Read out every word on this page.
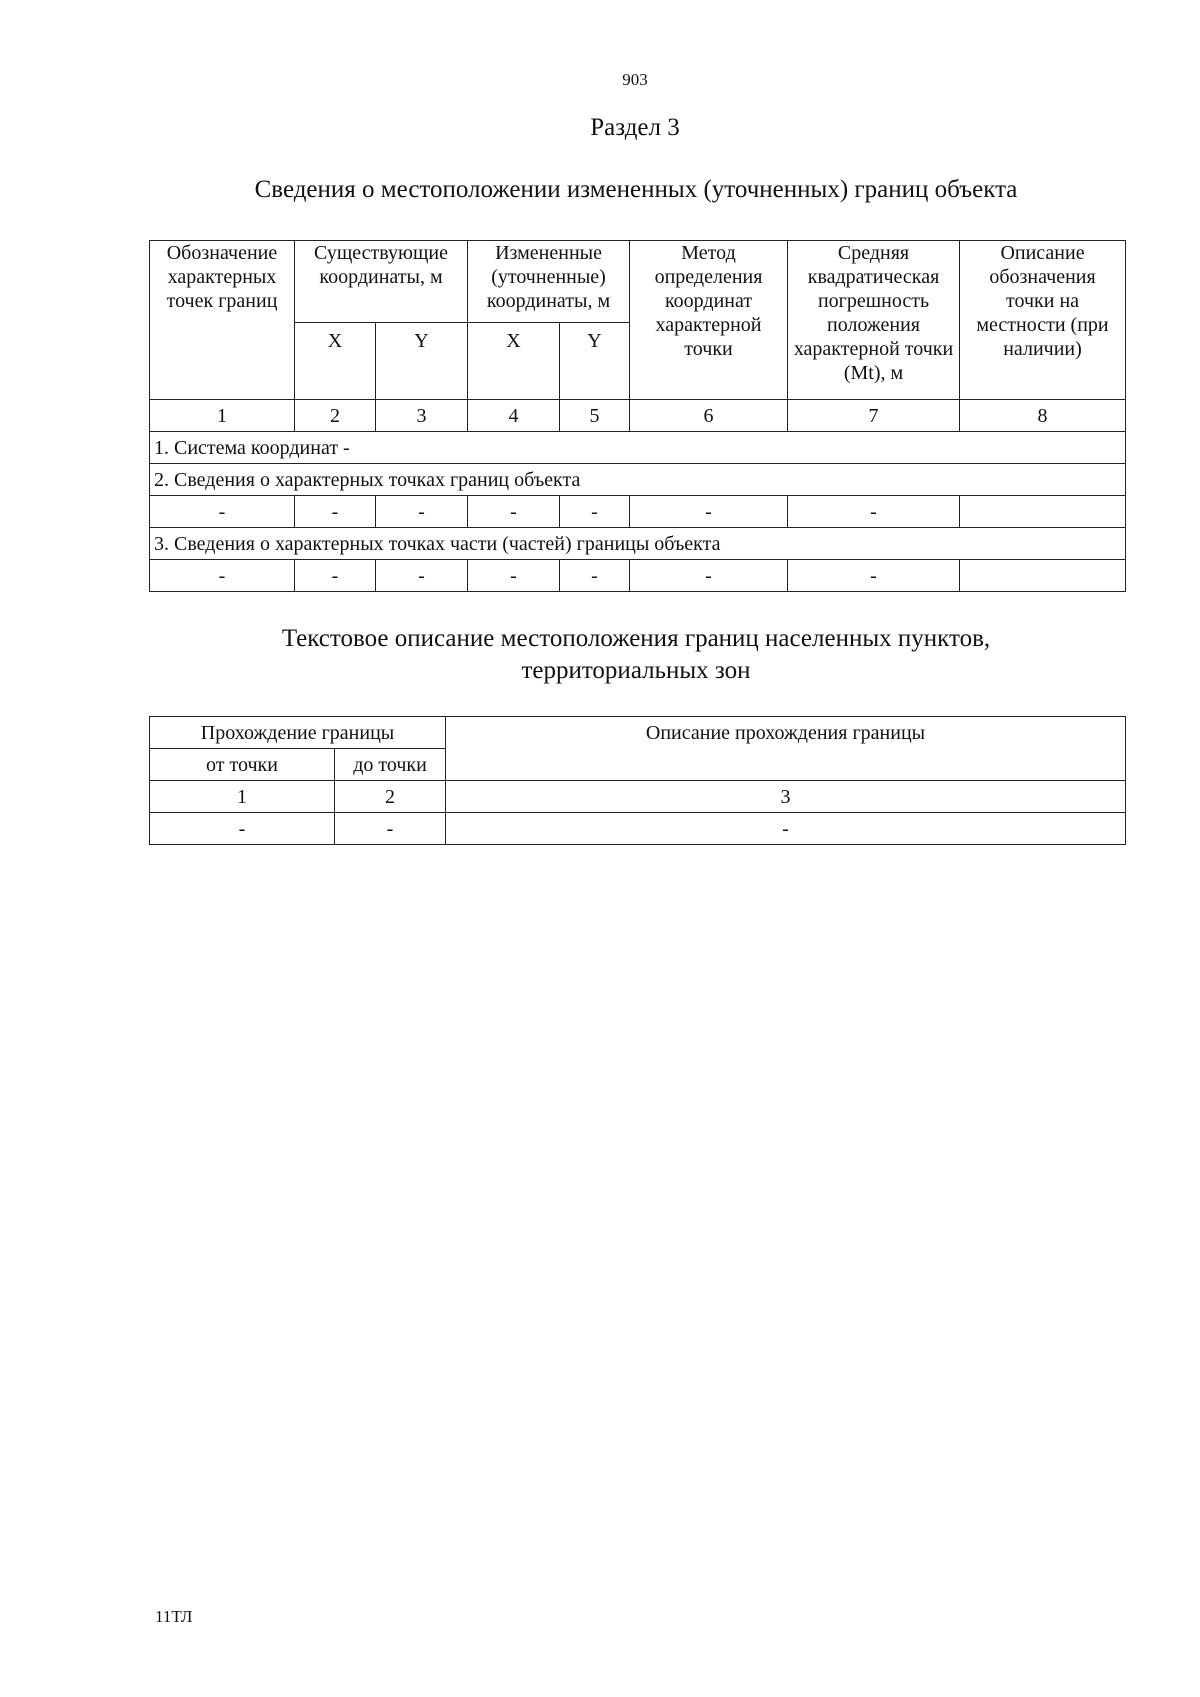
903
Раздел 3
Сведения о местоположении измененных (уточненных) границ объекта
Обозначение характерных точек границ	Существующие координаты, м		Измененные (уточненные) координаты, м		Метод определения координат характерной точки	Средняя квадратическая погрешность положения характерной точки (Mt), м	Описание обозначения точки на местности (при наличии)
	X	Y	X	Y			
1	2	3	4	5	6	7	8
1. Система координат -							
2. Сведения о характерных точках границ объекта							
-	-	-	-	-	-	-	
3. Сведения о характерных точках части (частей) границы объекта							
-	-	-	-	-	-	-	
Текстовое описание местоположения границ населенных пунктов,
территориальных зон
Прохождение границы		Описание прохождения границы
от точки	до точки	
1	2	3
-	-	-
11ТЛ
